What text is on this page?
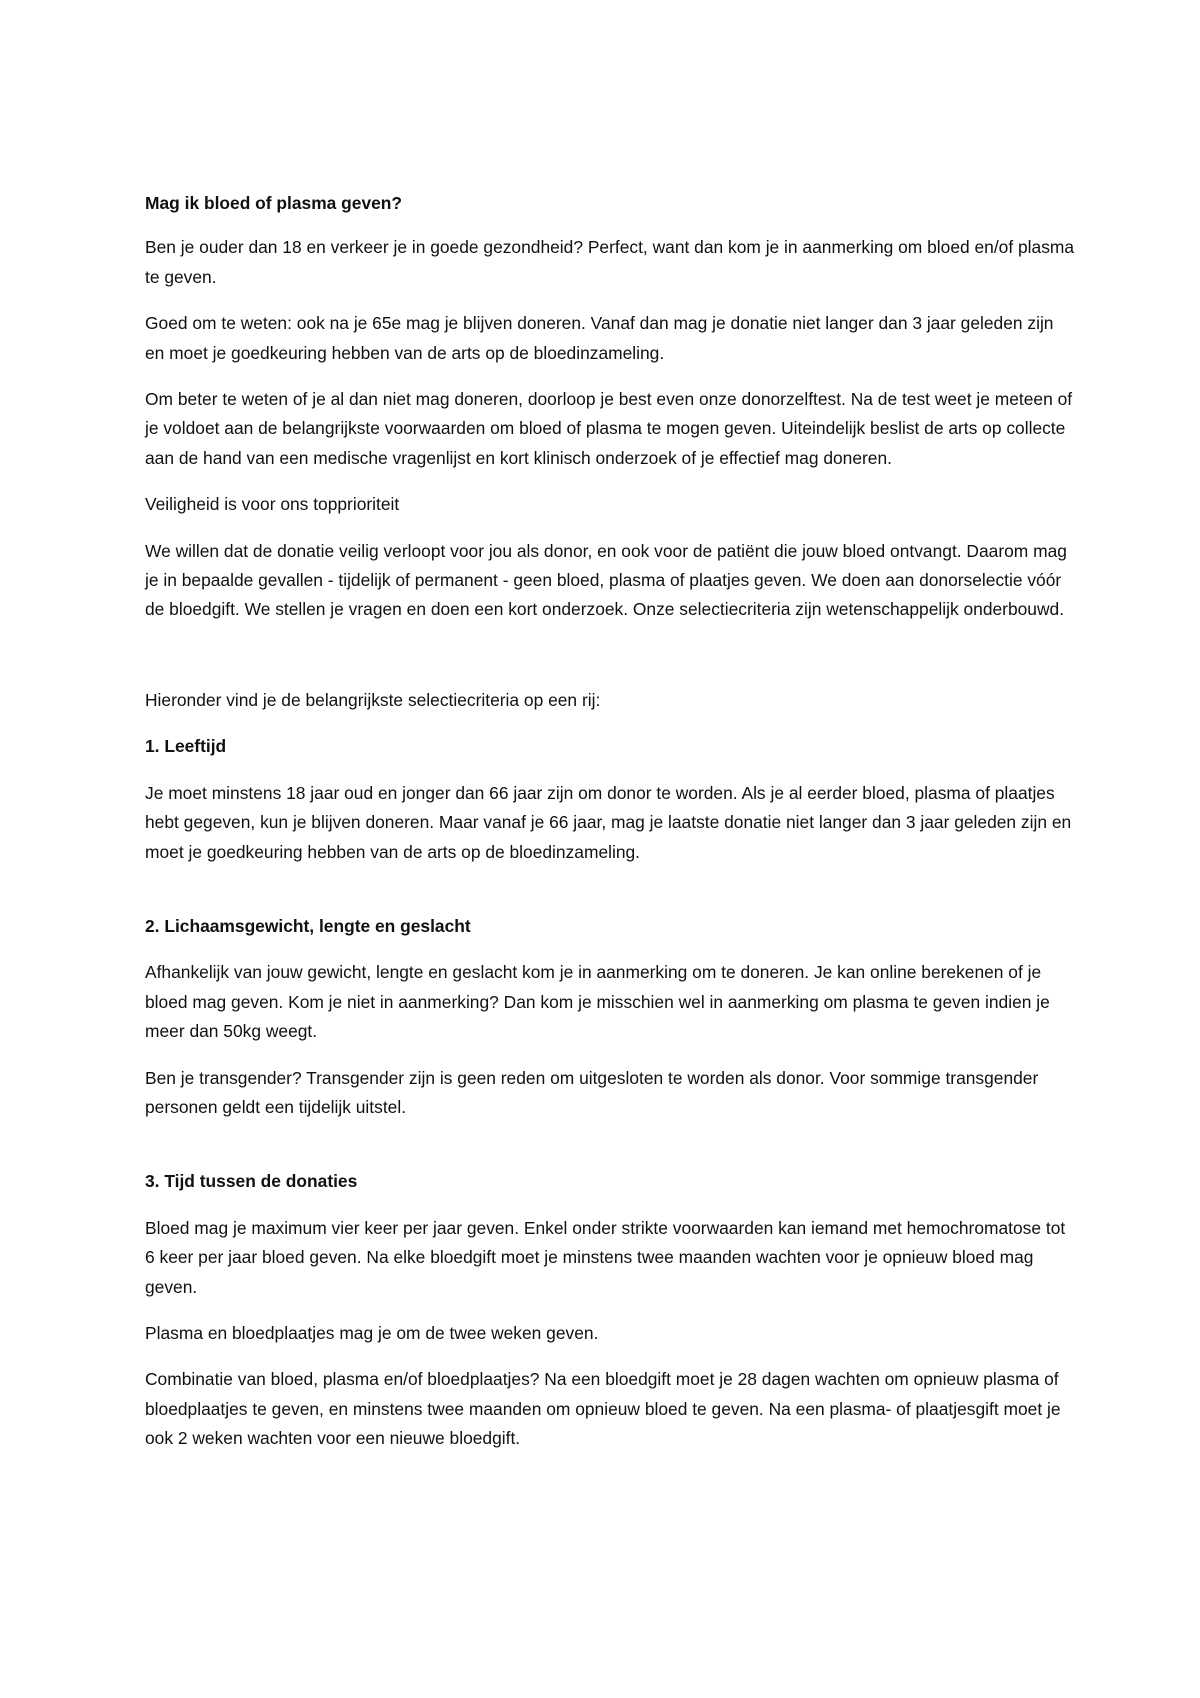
Mag ik bloed of plasma geven?

Ben je ouder dan 18 en verkeer je in goede gezondheid? Perfect, want dan kom je in aanmerking om bloed en/of plasma te geven.

Goed om te weten: ook na je 65e mag je blijven doneren. Vanaf dan mag je donatie niet langer dan 3 jaar geleden zijn en moet je goedkeuring hebben van de arts op de bloedinzameling.

Om beter te weten of je al dan niet mag doneren, doorloop je best even onze donorzelftest. Na de test weet je meteen of je voldoet aan de belangrijkste voorwaarden om bloed of plasma te mogen geven. Uiteindelijk beslist de arts op collecte aan de hand van een medische vragenlijst en kort klinisch onderzoek of je effectief mag doneren.

Veiligheid is voor ons topprioriteit

We willen dat de donatie veilig verloopt voor jou als donor, en ook voor de patiënt die jouw bloed ontvangt. Daarom mag je in bepaalde gevallen - tijdelijk of permanent - geen bloed, plasma of plaatjes geven. We doen aan donorselectie vóór de bloedgift. We stellen je vragen en doen een kort onderzoek. Onze selectiecriteria zijn wetenschappelijk onderbouwd.

Hieronder vind je de belangrijkste selectiecriteria op een rij:

1. Leeftijd

Je moet minstens 18 jaar oud en jonger dan 66 jaar zijn om donor te worden. Als je al eerder bloed, plasma of plaatjes hebt gegeven, kun je blijven doneren. Maar vanaf je 66 jaar, mag je laatste donatie niet langer dan 3 jaar geleden zijn en moet je goedkeuring hebben van de arts op de bloedinzameling.

2. Lichaamsgewicht, lengte en geslacht

Afhankelijk van jouw gewicht, lengte en geslacht kom je in aanmerking om te doneren. Je kan online berekenen of je bloed mag geven. Kom je niet in aanmerking? Dan kom je misschien wel in aanmerking om plasma te geven indien je meer dan 50kg weegt.

Ben je transgender? Transgender zijn is geen reden om uitgesloten te worden als donor. Voor sommige transgender personen geldt een tijdelijk uitstel.

3. Tijd tussen de donaties

Bloed mag je maximum vier keer per jaar geven. Enkel onder strikte voorwaarden kan iemand met hemochromatose tot 6 keer per jaar bloed geven. Na elke bloedgift moet je minstens twee maanden wachten voor je opnieuw bloed mag geven.

Plasma en bloedplaatjes mag je om de twee weken geven.

Combinatie van bloed, plasma en/of bloedplaatjes? Na een bloedgift moet je 28 dagen wachten om opnieuw plasma of bloedplaatjes te geven, en minstens twee maanden om opnieuw bloed te geven. Na een plasma- of plaatjesgift moet je ook 2 weken wachten voor een nieuwe bloedgift.
